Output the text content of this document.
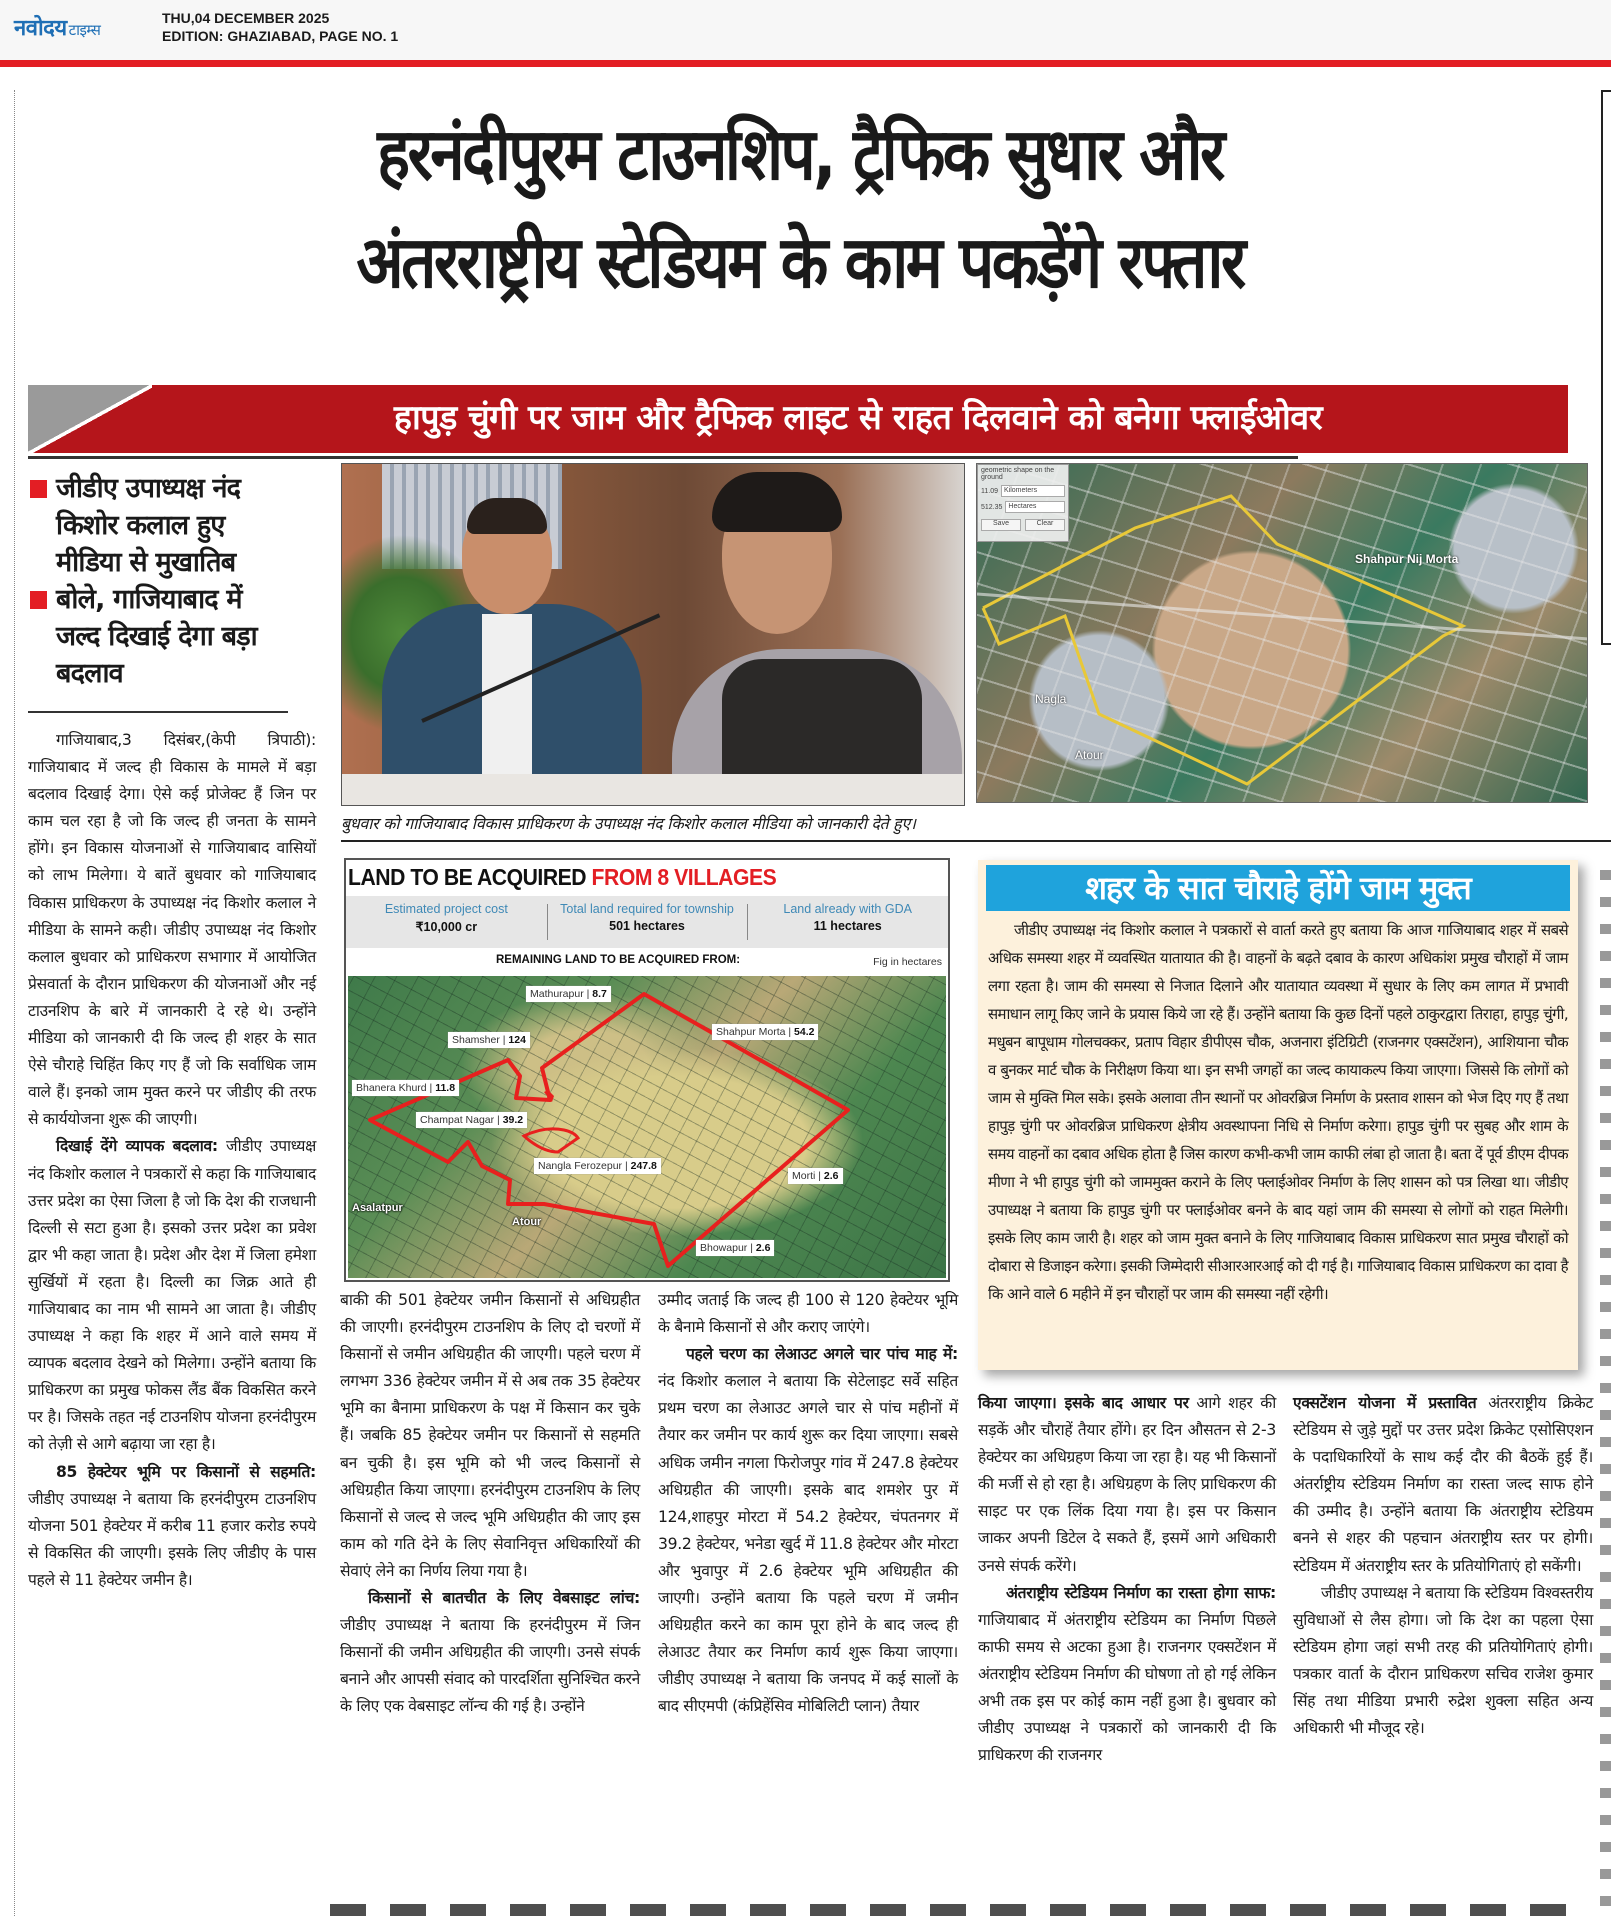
नवोदय टाइम्स
THU,04 DECEMBER 2025
EDITION: GHAZIABAD, PAGE NO. 1
हरनंदीपुरम टाउनशिप, ट्रैफिक सुधार और
अंतरराष्ट्रीय स्टेडियम के काम पकड़ेंगे रफ्तार
हापुड़ चुंगी पर जाम और ट्रैफिक लाइट से राहत दिलवाने को बनेगा फ्लाईओवर
जीडीए उपाध्यक्ष नंद किशोर कलाल हुए मीडिया से मुखातिब
बोले, गाजियाबाद में जल्द दिखाई देगा बड़ा बदलाव

गाजियाबाद,3 दिसंबर,(केपी त्रिपाठी): गाजियाबाद में जल्द ही विकास के मामले में बड़ा बदलाव दिखाई देगा। ऐसे कई प्रोजेक्ट हैं जिन पर काम चल रहा है जो कि जल्द ही जनता के सामने होंगे। इन विकास योजनाओं से गाजियाबाद वासियों को लाभ मिलेगा। ये बातें बुधवार को गाजियाबाद विकास प्राधिकरण के उपाध्यक्ष नंद किशोर कलाल ने मीडिया के सामने कही। जीडीए उपाध्यक्ष नंद किशोर कलाल बुधवार को प्राधिकरण सभागार में आयोजित प्रेसवार्ता के दौरान प्राधिकरण की योजनाओं और नई टाउनशिप के बारे में जानकारी दे रहे थे। उन्होंने मीडिया को जानकारी दी कि जल्द ही शहर के सात ऐसे चौराहे चिहिंत किए गए हैं जो कि सर्वाधिक जाम वाले हैं। इनको जाम मुक्त करने पर जीडीए की तरफ से कार्ययोजना शुरू की जाएगी।

दिखाई देंगे व्यापक बदलाव: जीडीए उपाध्यक्ष नंद किशोर कलाल ने पत्रकारों से कहा कि गाजियाबाद उत्तर प्रदेश का ऐसा जिला है जो कि देश की राजधानी दिल्ली से सटा हुआ है। इसको उत्तर प्रदेश का प्रवेश द्वार भी कहा जाता है। प्रदेश और देश में जिला हमेशा सुर्खियों में रहता है। दिल्ली का जिक्र आते ही गाजियाबाद का नाम भी सामने आ जाता है। जीडीए उपाध्यक्ष ने कहा कि शहर में आने वाले समय में व्यापक बदलाव देखने को मिलेगा। उन्होंने बताया कि प्राधिकरण का प्रमुख फोकस लैंड बैंक विकसित करने पर है। जिसके तहत नई टाउनशिप योजना हरनंदीपुरम को तेज़ी से आगे बढ़ाया जा रहा है।

85 हेक्टेयर भूमि पर किसानों से सहमति: जीडीए उपाध्यक्ष ने बताया कि हरनंदीपुरम टाउनशिप योजना 501 हेक्टेयर में करीब 11 हजार करोड रुपये से विकसित की जाएगी। इसके लिए जीडीए के पास पहले से 11 हेक्टेयर जमीन है।

बुधवार को गाजियाबाद विकास प्राधिकरण के उपाध्यक्ष नंद किशोर कलाल मीडिया को जानकारी देते हुए।
geometric shape on the ground
11.09 Kilometers
512.35 Hectares
Save	Clear
Shahpur Nij Morta
Nagla
Atour
LAND TO BE ACQUIRED FROM 8 VILLAGES
Estimated project cost
₹10,000 cr
Total land required for township
501 hectares
Land already with GDA
11 hectares
REMAINING LAND TO BE ACQUIRED FROM:	Fig in hectares
Mathurapur | 8.7
Shamsher | 124
Shahpur Morta | 54.2
Bhanera Khurd | 11.8
Champat Nagar | 39.2
Nangla Ferozepur | 247.8
Morti | 2.6
Bhowapur | 2.6
Asalatpur
Atour
शहर के सात चौराहे होंगे जाम मुक्त
जीडीए उपाध्यक्ष नंद किशोर कलाल ने पत्रकारों से वार्ता करते हुए बताया कि आज गाजियाबाद शहर में सबसे अधिक समस्या शहर में व्यवस्थित यातायात की है। वाहनों के बढ़ते दबाव के कारण अधिकांश प्रमुख चौराहों में जाम लगा रहता है। जाम की समस्या से निजात दिलाने और यातायात व्यवस्था में सुधार के लिए कम लागत में प्रभावी समाधान लागू किए जाने के प्रयास किये जा रहे हैं। उन्होंने बताया कि कुछ दिनों पहले ठाकुरद्वारा तिराहा, हापुड़ चुंगी, मधुबन बापूधाम गोलचक्कर, प्रताप विहार डीपीएस चौक, अजनारा इंटिग्रिटी (राजनगर एक्सटेंशन), आशियाना चौक व बुनकर मार्ट चौक के निरीक्षण किया था। इन सभी जगहों का जल्द कायाकल्प किया जाएगा। जिससे कि लोगों को जाम से मुक्ति मिल सके। इसके अलावा तीन स्थानों पर ओवरब्रिज निर्माण के प्रस्ताव शासन को भेज दिए गए हैं तथा हापुड़ चुंगी पर ओवरब्रिज प्राधिकरण क्षेत्रीय अवस्थापना निधि से निर्माण करेगा। हापुड चुंगी पर सुबह और शाम के समय वाहनों का दबाव अधिक होता है जिस कारण कभी-कभी जाम काफी लंबा हो जाता है। बता दें पूर्व डीएम दीपक मीणा ने भी हापुड चुंगी को जाममुक्त कराने के लिए फ्लाईओवर निर्माण के लिए शासन को पत्र लिखा था। जीडीए उपाध्यक्ष ने बताया कि हापुड चुंगी पर फ्लाईओवर बनने के बाद यहां जाम की समस्या से लोगों को राहत मिलेगी। इसके लिए काम जारी है। शहर को जाम मुक्त बनाने के लिए गाजियाबाद विकास प्राधिकरण सात प्रमुख चौराहों को दोबारा से डिजाइन करेगा। इसकी जिम्मेदारी सीआरआरआई को दी गई है। गाजियाबाद विकास प्राधिकरण का दावा है कि आने वाले 6 महीने में इन चौराहों पर जाम की समस्या नहीं रहेगी।

बाकी की 501 हेक्टेयर जमीन किसानों से अधिग्रहीत की जाएगी। हरनंदीपुरम टाउनशिप के लिए दो चरणों में किसानों से जमीन अधिग्रहीत की जाएगी। पहले चरण में लगभग 336 हेक्टेयर जमीन में से अब तक 35 हेक्टेयर भूमि का बैनामा प्राधिकरण के पक्ष में किसान कर चुके हैं। जबकि 85 हेक्टेयर जमीन पर किसानों से सहमति बन चुकी है। इस भूमि को भी जल्द किसानों से अधिग्रहीत किया जाएगा। हरनंदीपुरम टाउनशिप के लिए किसानों से जल्द से जल्द भूमि अधिग्रहीत की जाए इस काम को गति देने के लिए सेवानिवृत्त अधिकारियों की सेवाएं लेने का निर्णय लिया गया है।

किसानों से बातचीत के लिए वेबसाइट लांच: जीडीए उपाध्यक्ष ने बताया कि हरनंदीपुरम में जिन किसानों की जमीन अधिग्रहीत की जाएगी। उनसे संपर्क बनाने और आपसी संवाद को पारदर्शिता सुनिश्चित करने के लिए एक वेबसाइट लॉन्च की गई है। उन्होंने

उम्मीद जताई कि जल्द ही 100 से 120 हेक्टेयर भूमि के बैनामे किसानों से और कराए जाएंगे।

पहले चरण का लेआउट अगले चार पांच माह में: नंद किशोर कलाल ने बताया कि सेटेलाइट सर्वे सहित प्रथम चरण का लेआउट अगले चार से पांच महीनों में तैयार कर जमीन पर कार्य शुरू कर दिया जाएगा। सबसे अधिक जमीन नगला फिरोजपुर गांव में 247.8 हेक्टेयर अधिग्रहीत की जाएगी। इसके बाद शमशेर पुर में 124,शाहपुर मोरटा में 54.2 हेक्टेयर, चंपतनगर में 39.2 हेक्टेयर, भनेडा खुर्द में 11.8 हेक्टेयर और मोरटा और भुवापुर में 2.6 हेक्टेयर भूमि अधिग्रहीत की जाएगी। उन्होंने बताया कि पहले चरण में जमीन अधिग्रहीत करने का काम पूरा होने के बाद जल्द ही लेआउट तैयार कर निर्माण कार्य शुरू किया जाएगा। जीडीए उपाध्यक्ष ने बताया कि जनपद में कई सालों के बाद सीएमपी (कंप्रिहेंसिव मोबिलिटी प्लान) तैयार

किया जाएगा। इसके बाद आधार पर आगे शहर की सड़कें और चौराहें तैयार होंगे। हर दिन औसतन से 2-3 हेक्टेयर का अधिग्रहण किया जा रहा है। यह भी किसानों की मर्जी से हो रहा है। अधिग्रहण के लिए प्राधिकरण की साइट पर एक लिंक दिया गया है। इस पर किसान जाकर अपनी डिटेल दे सकते हैं, इसमें आगे अधिकारी उनसे संपर्क करेंगे।

अंतराष्ट्रीय स्टेडियम निर्माण का रास्ता होगा साफ: गाजियाबाद में अंतराष्ट्रीय स्टेडियम का निर्माण पिछले काफी समय से अटका हुआ है। राजनगर एक्सटेंशन में अंतराष्ट्रीय स्टेडियम निर्माण की घोषणा तो हो गई लेकिन अभी तक इस पर कोई काम नहीं हुआ है। बुधवार को जीडीए उपाध्यक्ष ने पत्रकारों को जानकारी दी कि प्राधिकरण की राजनगर

एक्सटेंशन योजना में प्रस्तावित अंतरराष्ट्रीय क्रिकेट स्टेडियम से जुड़े मुद्दों पर उत्तर प्रदेश क्रिकेट एसोसिएशन के पदाधिकारियों के साथ कई दौर की बैठकें हुई हैं। अंतर्राष्ट्रीय स्टेडियम निर्माण का रास्ता जल्द साफ होने की उम्मीद है। उन्होंने बताया कि अंतराष्ट्रीय स्टेडियम बनने से शहर की पहचान अंतराष्ट्रीय स्तर पर होगी। स्टेडियम में अंतराष्ट्रीय स्तर के प्रतियोगिताएं हो सकेंगी।

जीडीए उपाध्यक्ष ने बताया कि स्टेडियम विश्वस्तरीय सुविधाओं से लैस होगा। जो कि देश का पहला ऐसा स्टेडियम होगा जहां सभी तरह की प्रतियोगिताएं होगी। पत्रकार वार्ता के दौरान प्राधिकरण सचिव राजेश कुमार सिंह तथा मीडिया प्रभारी रुद्रेश शुक्ला सहित अन्य अधिकारी भी मौजूद रहे।
